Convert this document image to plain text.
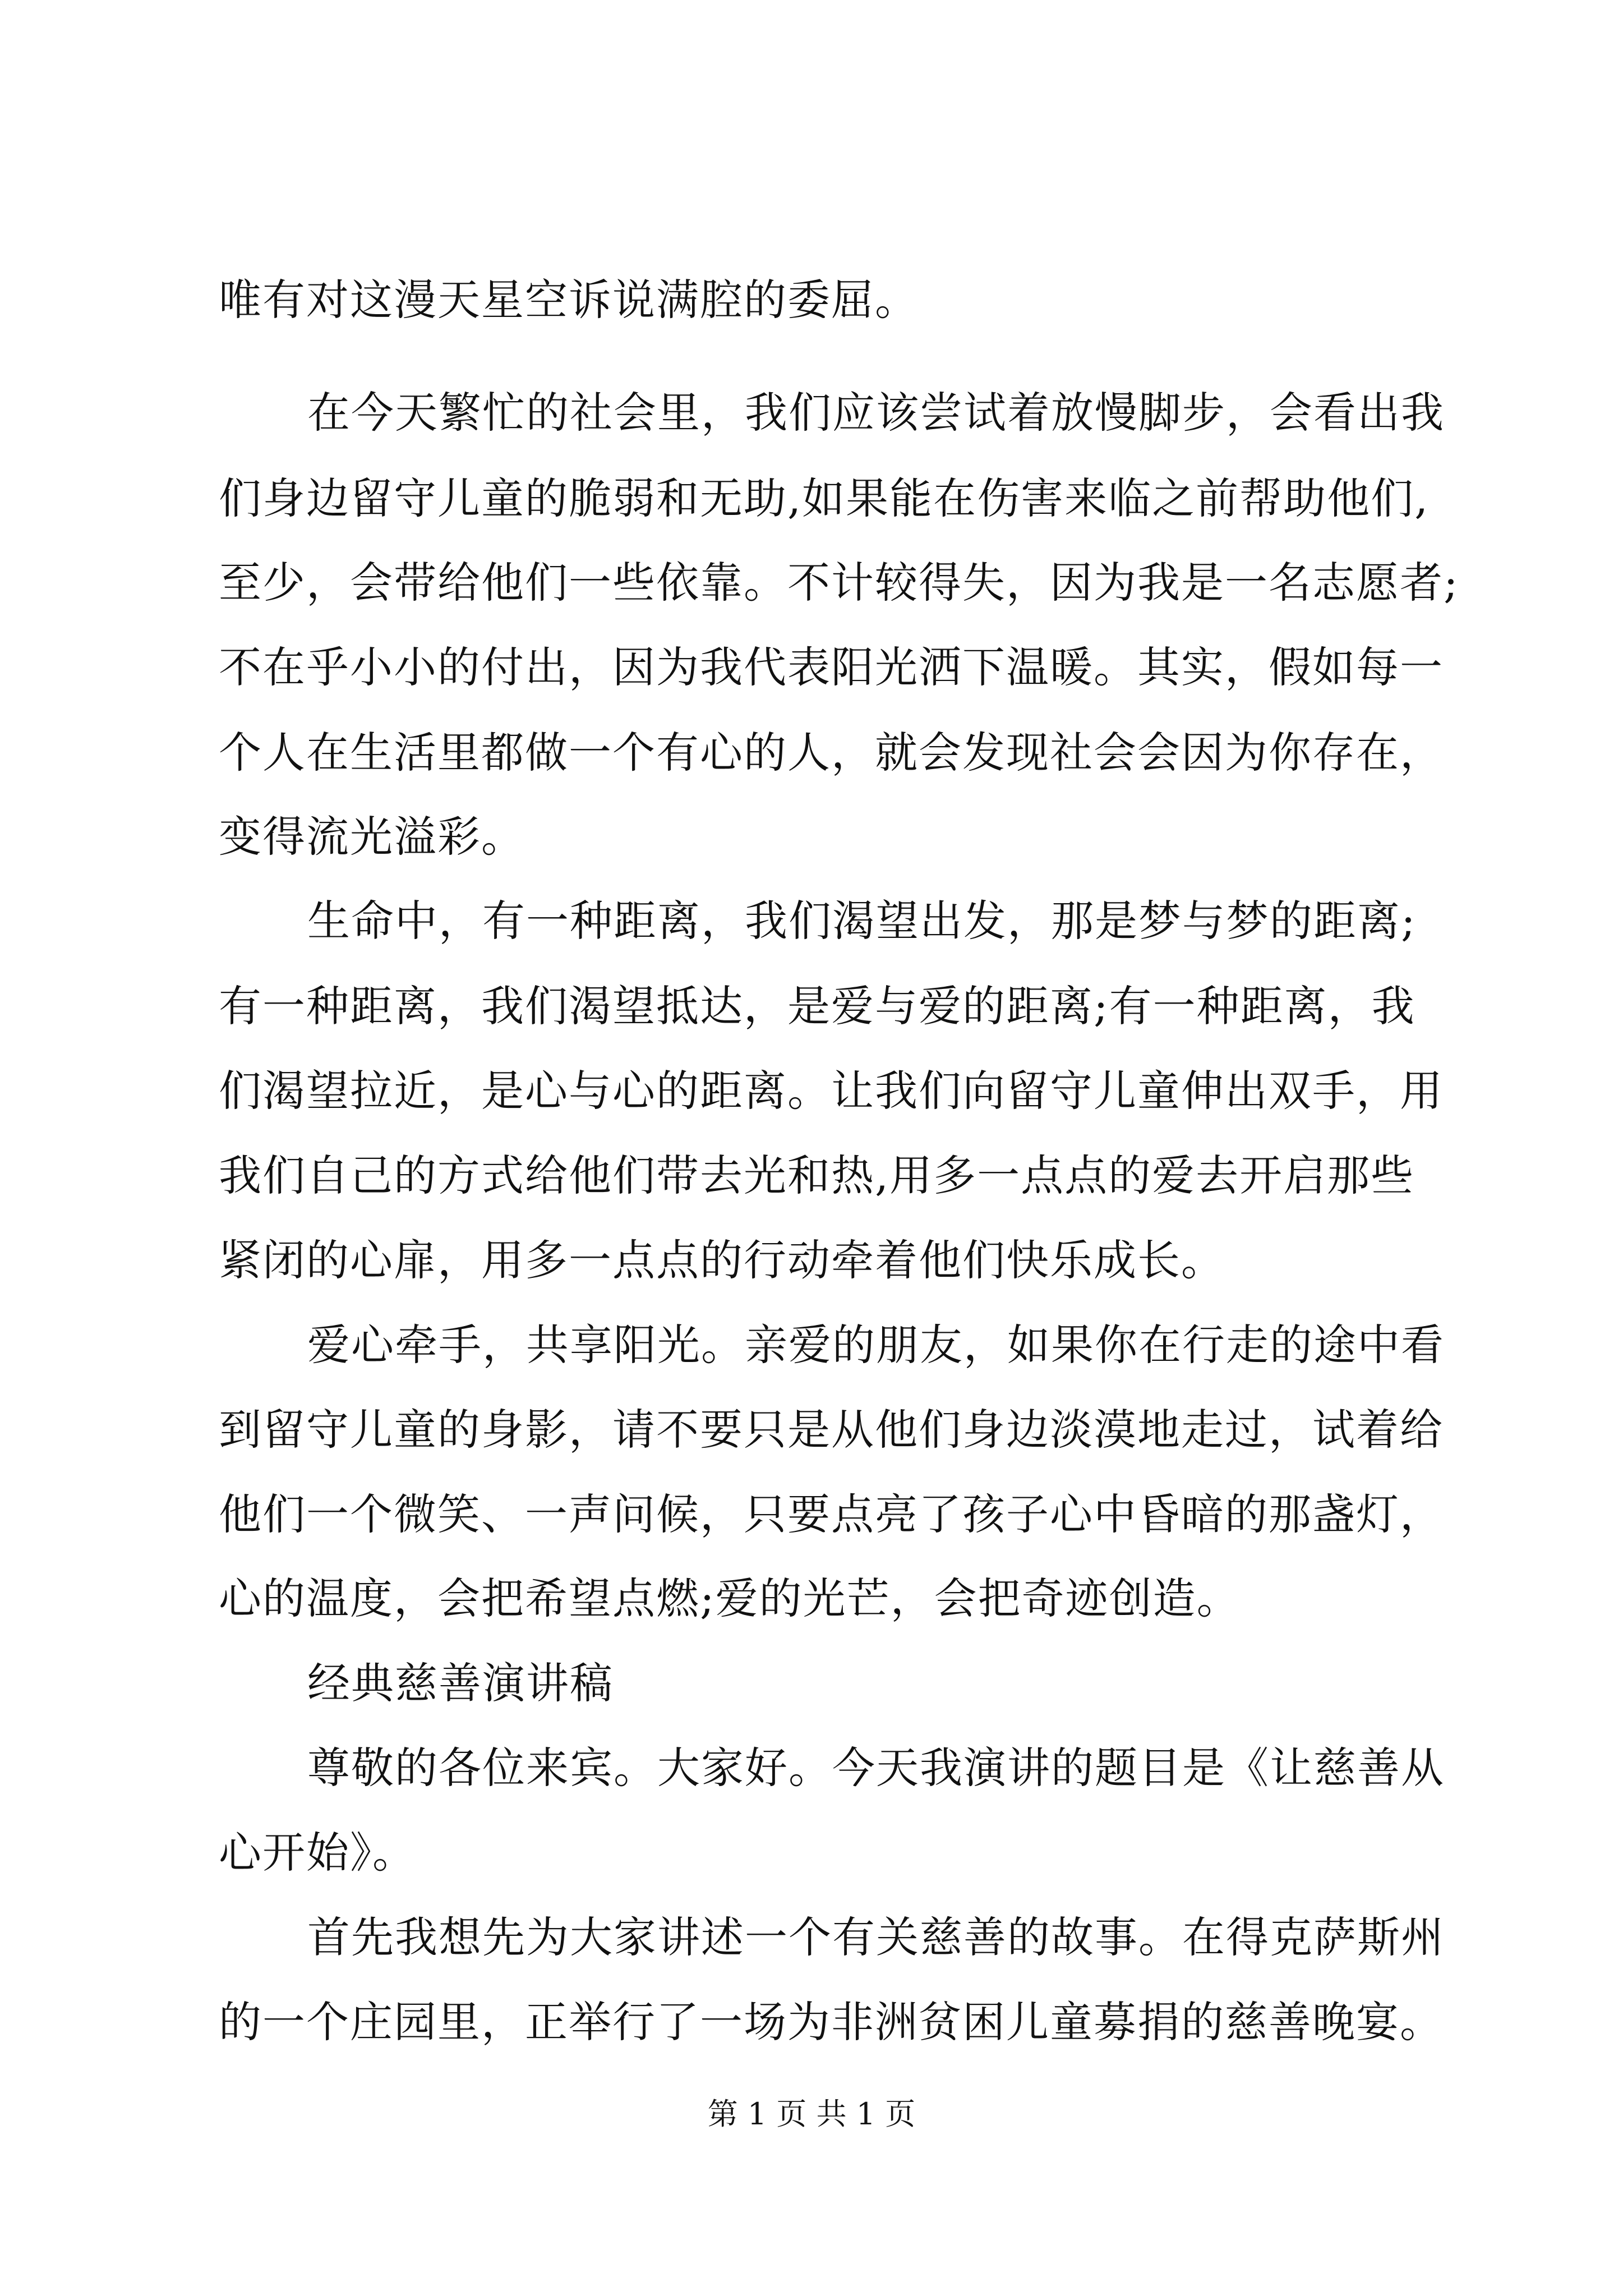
唯有对这漫天星空诉说满腔的委屈。
在今天繁忙的社会里，我们应该尝试着放慢脚步，会看出我
们身边留守儿童的脆弱和无助,如果能在伤害来临之前帮助他们,
至少，会带给他们一些依靠。不计较得失，因为我是一名志愿者;
不在乎小小的付出，因为我代表阳光洒下温暖。其实，假如每一
个人在生活里都做一个有心的人，就会发现社会会因为你存在，
变得流光溢彩。
生命中，有一种距离，我们渴望出发，那是梦与梦的距离;
有一种距离，我们渴望抵达，是爱与爱的距离;有一种距离，我
们渴望拉近，是心与心的距离。让我们向留守儿童伸出双手，用
我们自己的方式给他们带去光和热,用多一点点的爱去开启那些
紧闭的心扉，用多一点点的行动牵着他们快乐成长。
爱心牵手，共享阳光。亲爱的朋友，如果你在行走的途中看
到留守儿童的身影，请不要只是从他们身边淡漠地走过，试着给
他们一个微笑、一声问候，只要点亮了孩子心中昏暗的那盏灯，
心的温度，会把希望点燃;爱的光芒，会把奇迹创造。
经典慈善演讲稿
尊敬的各位来宾。大家好。今天我演讲的题目是《让慈善从
心开始》。
首先我想先为大家讲述一个有关慈善的故事。在得克萨斯州
的一个庄园里，正举行了一场为非洲贫困儿童募捐的慈善晚宴。
第 1 页 共 1 页
